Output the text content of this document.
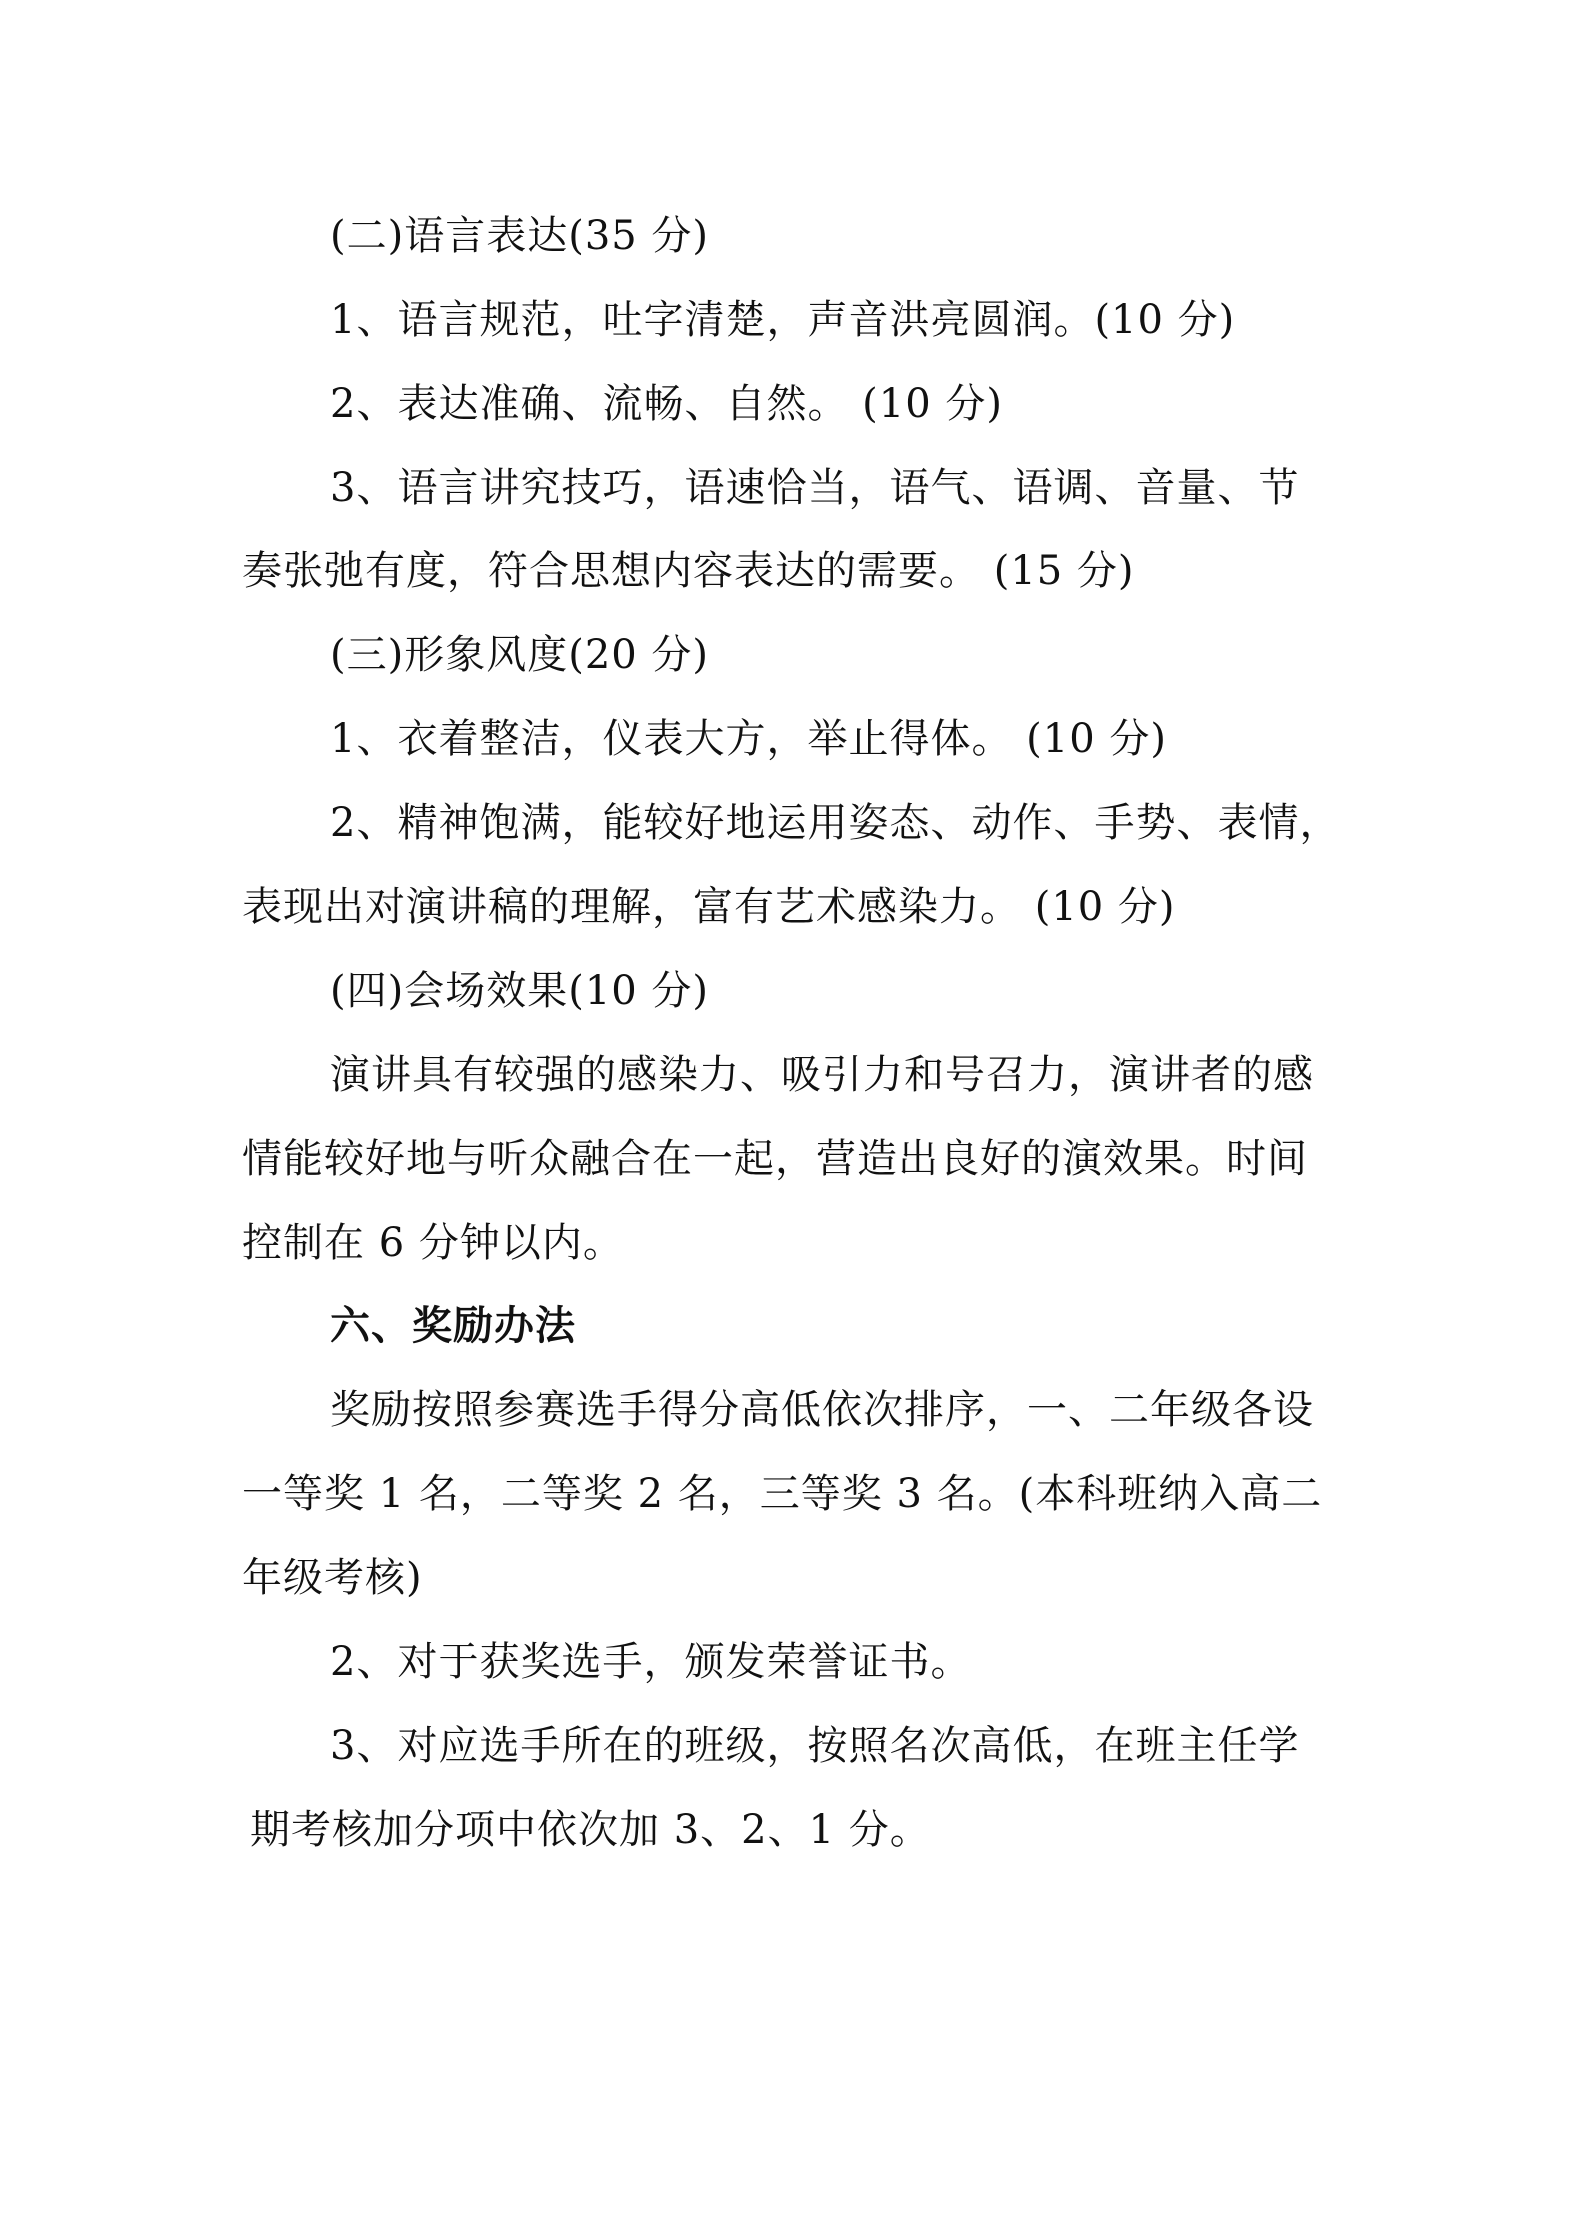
(二)语言表达(35 分)

1、语言规范，吐字清楚，声音洪亮圆润。(10 分)

2、表达准确、流畅、自然。 (10 分)

3、语言讲究技巧，语速恰当，语气、语调、音量、节

奏张弛有度，符合思想内容表达的需要。 (15 分)

(三)形象风度(20 分)

1、衣着整洁，仪表大方，举止得体。 (10 分)

2、精神饱满，能较好地运用姿态、动作、手势、表情，

表现出对演讲稿的理解，富有艺术感染力。 (10 分)

(四)会场效果(10 分)

演讲具有较强的感染力、吸引力和号召力，演讲者的感

情能较好地与听众融合在一起，营造出良好的演效果。时间

控制在 6 分钟以内。

六、奖励办法

奖励按照参赛选手得分高低依次排序，一、二年级各设

一等奖 1 名，二等奖 2 名，三等奖 3 名。(本科班纳入高二

年级考核)

2、对于获奖选手，颁发荣誉证书。

3、对应选手所在的班级，按照名次高低，在班主任学

期考核加分项中依次加 3、2、1 分。
